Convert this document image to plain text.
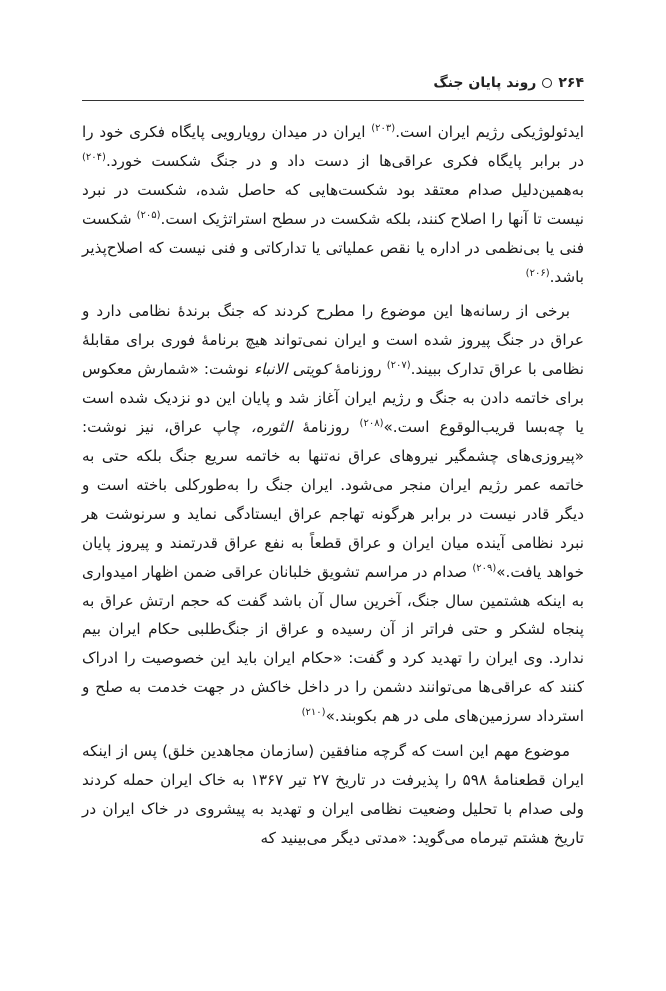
۲۶۴
روند پایان جنگ

ایدئولوژیکی رژیم ایران است.$^{(۲۰۳)}$ ایران در میدان رویارویی پایگاه فکری خود را در برابر پایگاه فکری عراقی‌ها از دست داد و در جنگ شکست خورد.$^{(۲۰۴)}$ به‌همین‌دلیل صدام معتقد بود شکست‌هایی که حاصل شده، شکست در نبرد نیست تا آنها را اصلاح کنند، بلکه شکست در سطح استراتژیک است.$^{(۲۰۵)}$ شکست فنی یا بی‌نظمی در اداره یا نقص عملیاتی یا تدارکاتی و فنی نیست که اصلاح‌پذیر باشد.$^{(۲۰۶)}$

برخی از رسانه‌ها این موضوع را مطرح کردند که جنگ برندهٔ نظامی دارد و عراق در جنگ پیروز شده است و ایران نمی‌تواند هیچ برنامهٔ فوری برای مقابلهٔ نظامی با عراق تدارک ببیند.$^{(۲۰۷)}$ روزنامهٔ کویتی الانباء نوشت: «شمارش معکوس برای خاتمه دادن به جنگ و رژیم ایران آغاز شد و پایان این دو نزدیک شده است یا چه‌بسا قریب‌الوقوع است.»$^{(۲۰۸)}$ روزنامهٔ الثوره، چاپ عراق، نیز نوشت: «پیروزی‌های چشمگیر نیروهای عراق نه‌تنها به خاتمه سریع جنگ بلکه حتی به خاتمه عمر رژیم ایران منجر می‌شود. ایران جنگ را به‌طورکلی باخته است و دیگر قادر نیست در برابر هرگونه تهاجم عراق ایستادگی نماید و سرنوشت هر نبرد نظامی آینده میان ایران و عراق قطعاً به نفع عراق قدرتمند و پیروز پایان خواهد یافت.»$^{(۲۰۹)}$ صدام در مراسم تشویق خلبانان عراقی ضمن اظهار امیدواری به اینکه هشتمین سال جنگ، آخرین سال آن باشد گفت که حجم ارتش عراق به پنجاه لشکر و حتی فراتر از آن رسیده و عراق از جنگ‌طلبی حکام ایران بیم ندارد. وی ایران را تهدید کرد و گفت: «حکام ایران باید این خصوصیت را ادراک کنند که عراقی‌ها می‌توانند دشمن را در داخل خاکش در جهت خدمت به صلح و استرداد سرزمین‌های ملی در هم بکوبند.»$^{(۲۱۰)}$

موضوع مهم این است که گرچه منافقین (سازمان مجاهدین خلق) پس از اینکه ایران قطعنامهٔ ۵۹۸ را پذیرفت در تاریخ ۲۷ تیر ۱۳۶۷ به خاک ایران حمله کردند ولی صدام با تحلیل وضعیت نظامی ایران و تهدید به پیشروی در خاک ایران در تاریخ هشتم تیرماه می‌گوید: «مدتی دیگر می‌بینید که
